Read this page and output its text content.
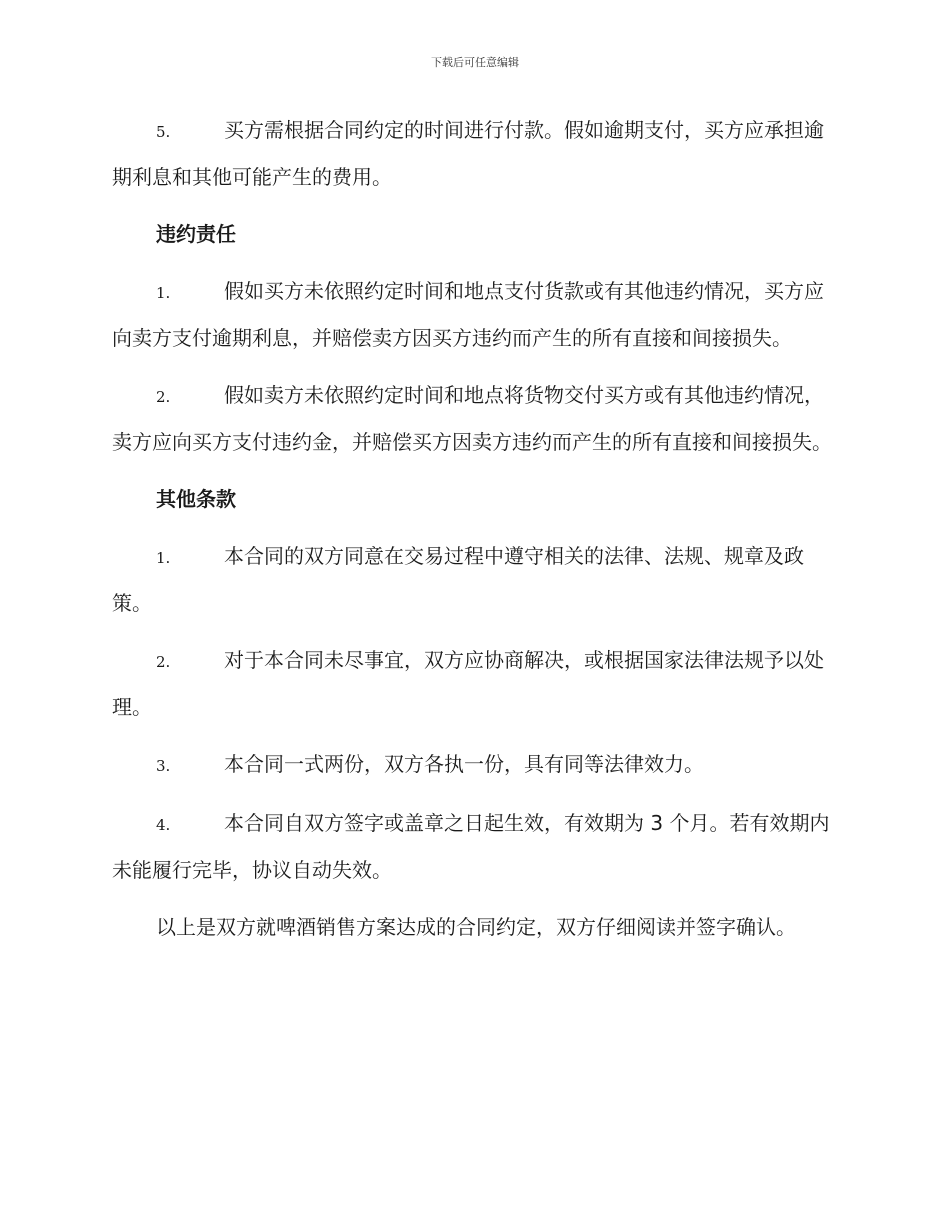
下载后可任意编辑

5.	买方需根据合同约定的时间进行付款。假如逾期支付，买方应承担逾期利息和其他可能产生的费用。

违约责任

1.	假如买方未依照约定时间和地点支付货款或有其他违约情况，买方应向卖方支付逾期利息，并赔偿卖方因买方违约而产生的所有直接和间接损失。

2.	假如卖方未依照约定时间和地点将货物交付买方或有其他违约情况，卖方应向买方支付违约金，并赔偿买方因卖方违约而产生的所有直接和间接损失。

其他条款

1.	本合同的双方同意在交易过程中遵守相关的法律、法规、规章及政策。

2.	对于本合同未尽事宜，双方应协商解决，或根据国家法律法规予以处理。

3.	本合同一式两份，双方各执一份，具有同等法律效力。

4.	本合同自双方签字或盖章之日起生效，有效期为 3 个月。若有效期内未能履行完毕，协议自动失效。

以上是双方就啤酒销售方案达成的合同约定，双方仔细阅读并签字确认。
